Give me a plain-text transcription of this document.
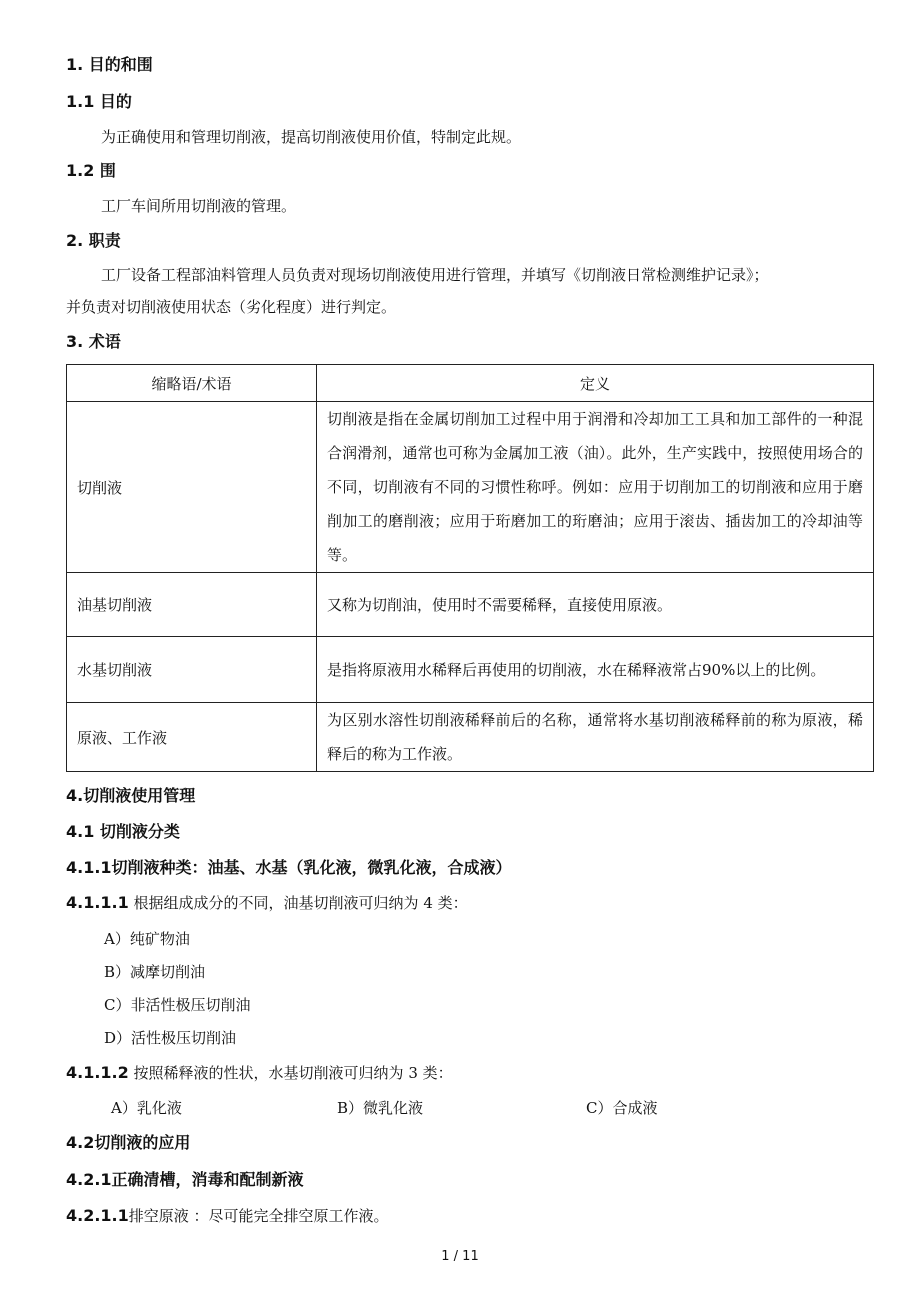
1. 目的和围
1.1 目的
为正确使用和管理切削液，提高切削液使用价值，特制定此规。
1.2 围
工厂车间所用切削液的管理。
2. 职责
工厂设备工程部油料管理人员负责对现场切削液使用进行管理，并填写《切削液日常检测维护记录》；
并负责对切削液使用状态（劣化程度）进行判定。
3. 术语
缩略语/术语	定义
切削液	切削液是指在金属切削加工过程中用于润滑和冷却加工工具和加工部件的一种混合润滑剂，通常也可称为金属加工液（油）。此外，生产实践中，按照使用场合的不同，切削液有不同的习惯性称呼。例如：应用于切削加工的切削液和应用于磨削加工的磨削液；应用于珩磨加工的珩磨油；应用于滚齿、插齿加工的冷却油等等。
油基切削液	又称为切削油，使用时不需要稀释，直接使用原液。
水基切削液	是指将原液用水稀释后再使用的切削液，水在稀释液常占90%以上的比例。
原液、工作液	为区别水溶性切削液稀释前后的名称，通常将水基切削液稀释前的称为原液，稀释后的称为工作液。
4.切削液使用管理
4.1 切削液分类
4.1.1切削液种类：油基、水基（乳化液，微乳化液，合成液）
4.1.1.1 根据组成成分的不同，油基切削液可归纳为 4 类：
A）纯矿物油
B）减摩切削油
C）非活性极压切削油
D）活性极压切削油
4.1.1.2 按照稀释液的性状，水基切削液可归纳为 3 类：
A）乳化液	B）微乳化液	C）合成液
4.2切削液的应用
4.2.1正确清槽，消毒和配制新液
4.2.1.1排空原液 ：尽可能完全排空原工作液。
1 / 11
